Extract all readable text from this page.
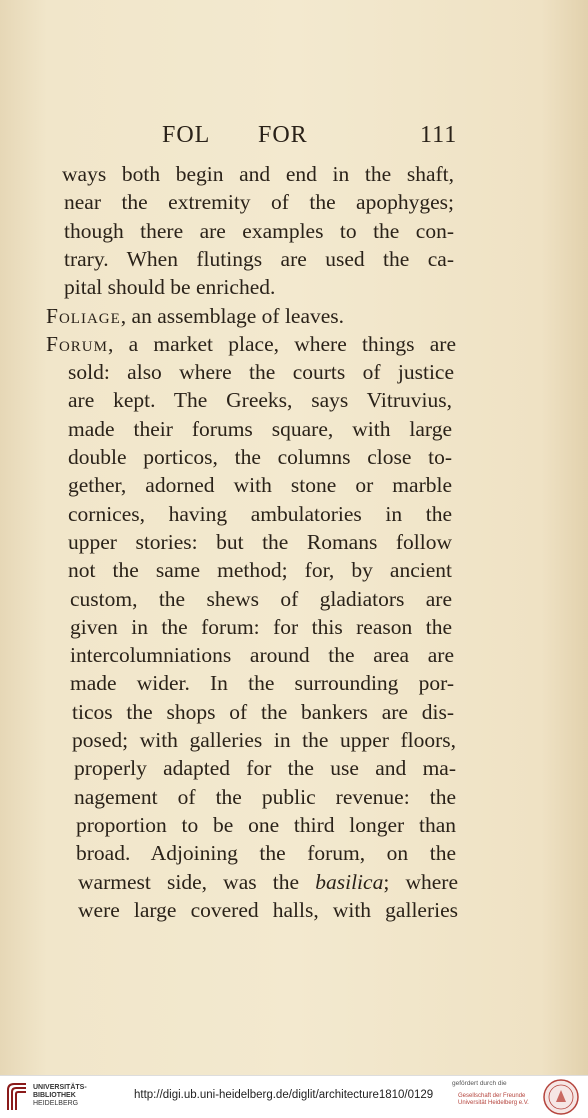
FOL FOR	111
ways both begin and end in the shaft,
near the extremity of the apophyges;
though there are examples to the con-
trary. When flutings are used the ca-
pital should be enriched.
Foliage, an assemblage of leaves.
Forum, a market place, where things are
sold: also where the courts of justice
are kept. The Greeks, says Vitruvius,
made their forums square, with large
double porticos, the columns close to-
gether, adorned with stone or marble
cornices, having ambulatories in the
upper stories: but the Romans follow
not the same method; for, by ancient
custom, the shews of gladiators are
given in the forum: for this reason the
intercolumniations around the area are
made wider. In the surrounding por-
ticos the shops of the bankers are dis-
posed; with galleries in the upper floors,
properly adapted for the use and ma-
nagement of the public revenue: the
proportion to be one third longer than
broad. Adjoining the forum, on the
warmest side, was the basilica; where
were large covered halls, with galleries
UNIVERSITÄTS-
BIBLIOTHEK
HEIDELBERG
http://digi.ub.uni-heidelberg.de/diglit/architecture1810/0129
gefördert durch die
Gesellschaft der Freunde
Universität Heidelberg e.V.
